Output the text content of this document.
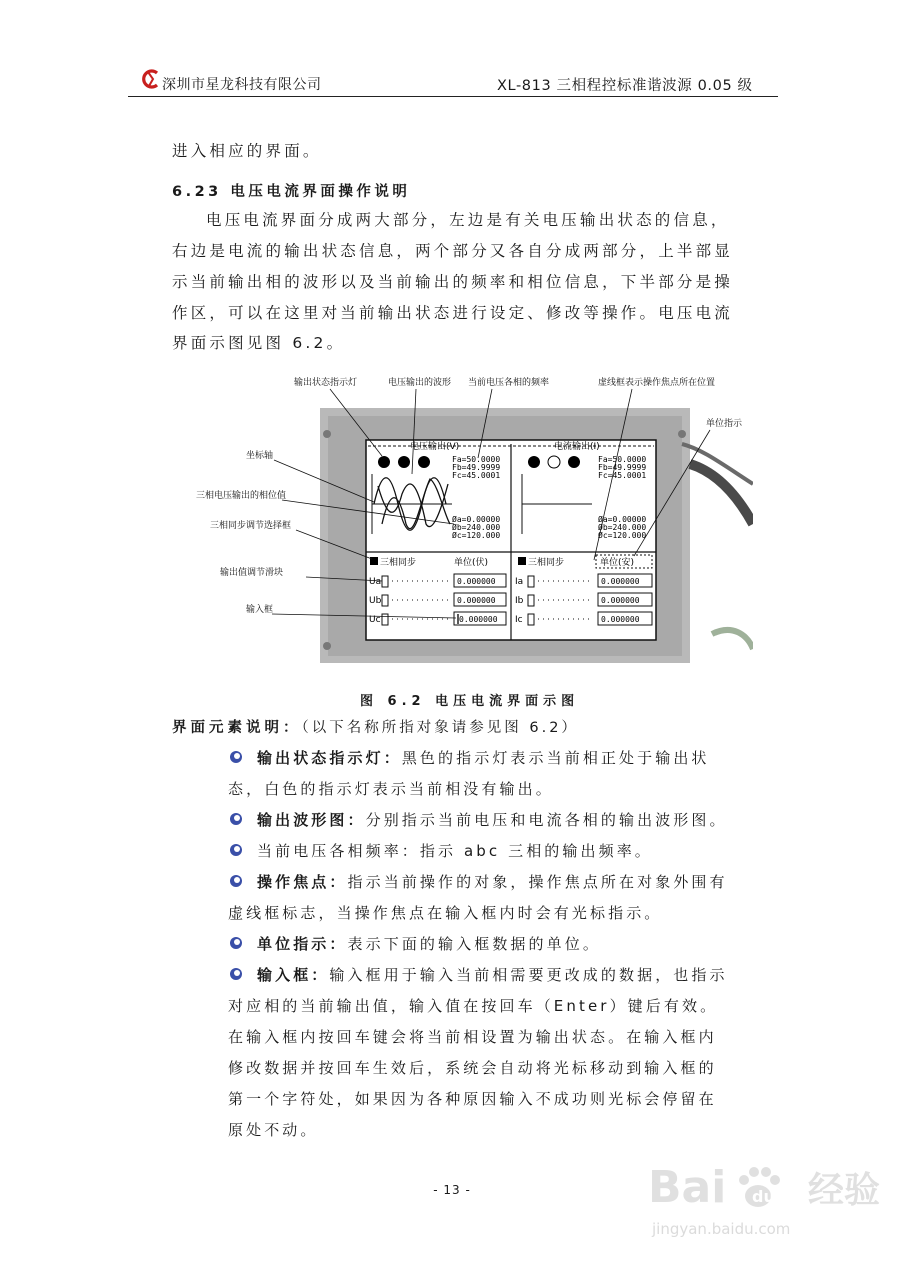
深圳市星龙科技有限公司	XL-813 三相程控标准谐波源 0.05 级
进入相应的界面。
6.23 电压电流界面操作说明
电压电流界面分成两大部分，左边是有关电压输出状态的信息，
右边是电流的输出状态信息，两个部分又各自分成两部分，上半部显
示当前输出相的波形以及当前输出的频率和相位信息，下半部分是操
作区，可以在这里对当前输出状态进行设定、修改等操作。电压电流
界面示图见图 6.2。
电压输出(V)	电流输出(I)
Fa=50.0000
Fb=49.9999
Fc=45.0001
Fa=50.0000
Fb=49.9999
Fc=45.0001
Øa=0.00000
Øb=240.000
Øc=120.000
Øa=0.00000
Øb=240.000
Øc=120.000
三相同步	单位(伏)	三相同步	单位(安)
Ua	0.000000
Ub	0.000000
Uc	0.000000
Ia	0.000000
Ib	0.000000
Ic	0.000000
输出状态指示灯	电压输出的波形 当前电压各相的频率	虚线框表示操作焦点所在位置
单位指示
坐标轴
三相电压输出的相位值
三相同步调节选择框
输出值调节滑块
输入框
图 6.2 电压电流界面示图
界面元素说明：（以下名称所指对象请参见图 6.2）
输出状态指示灯：黑色的指示灯表示当前相正处于输出状
态，白色的指示灯表示当前相没有输出。
输出波形图：分别指示当前电压和电流各相的输出波形图。
当前电压各相频率：指示 abc 三相的输出频率。
操作焦点：指示当前操作的对象，操作焦点所在对象外围有
虚线框标志，当操作焦点在输入框内时会有光标指示。
单位指示：表示下面的输入框数据的单位。
输入框：输入框用于输入当前相需要更改成的数据，也指示
对应相的当前输出值，输入值在按回车（Enter）键后有效。
在输入框内按回车键会将当前相设置为输出状态。在输入框内
修改数据并按回车生效后，系统会自动将光标移动到输入框的
第一个字符处，如果因为各种原因输入不成功则光标会停留在
原处不动。
- 13 -	Bai du 经验
jingyan.baidu.com
